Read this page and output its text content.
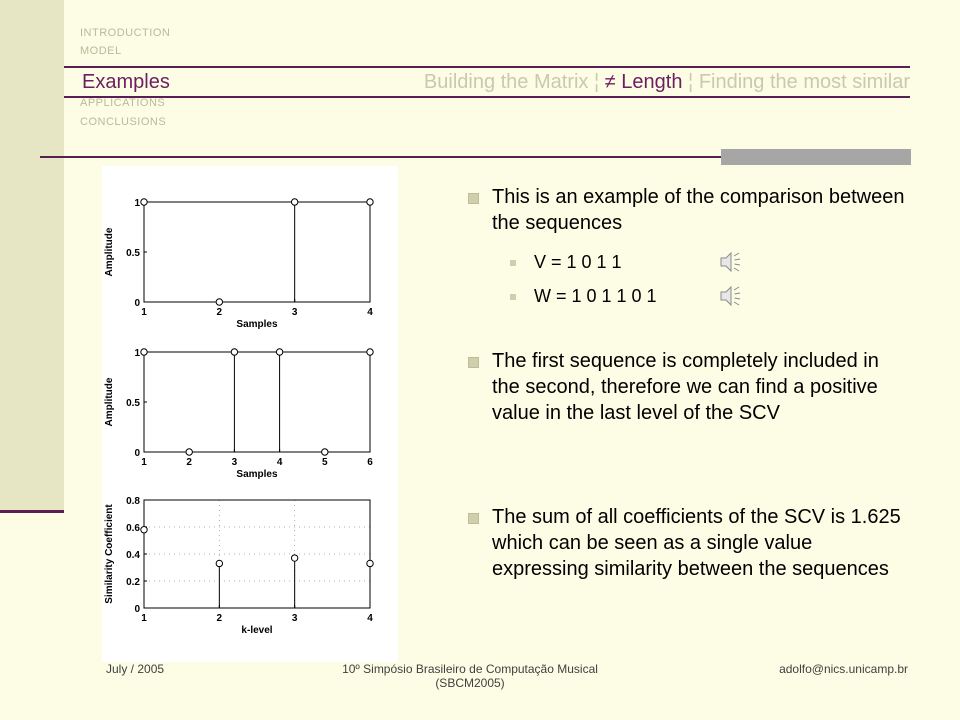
INTRODUCTION
MODEL
Examples	Building the Matrix ¦ ≠ Length ¦ Finding the most similar
APPLICATIONS
CONCLUSIONS
0
0.5
1
1	2	3	4
Samples
Amplitude
0
0.5
1
1	2	3	4	5	6
Samples
Amplitude
0
0.2
0.4
0.6
0.8
1	2	3	4
k-level
Similarity Coefficient
This is an example of the comparison between the sequences
V = 1 0 1 1
W = 1 0 1 1 0 1
The first sequence is completely included in the second, therefore we can find a positive value in the last level of the SCV
The sum of all coefficients of the SCV is 1.625 which can be seen as a single value expressing similarity between the sequences
July / 2005	10º Simpósio Brasileiro de Computação Musical (SBCM2005)
adolfo@nics.unicamp.br
